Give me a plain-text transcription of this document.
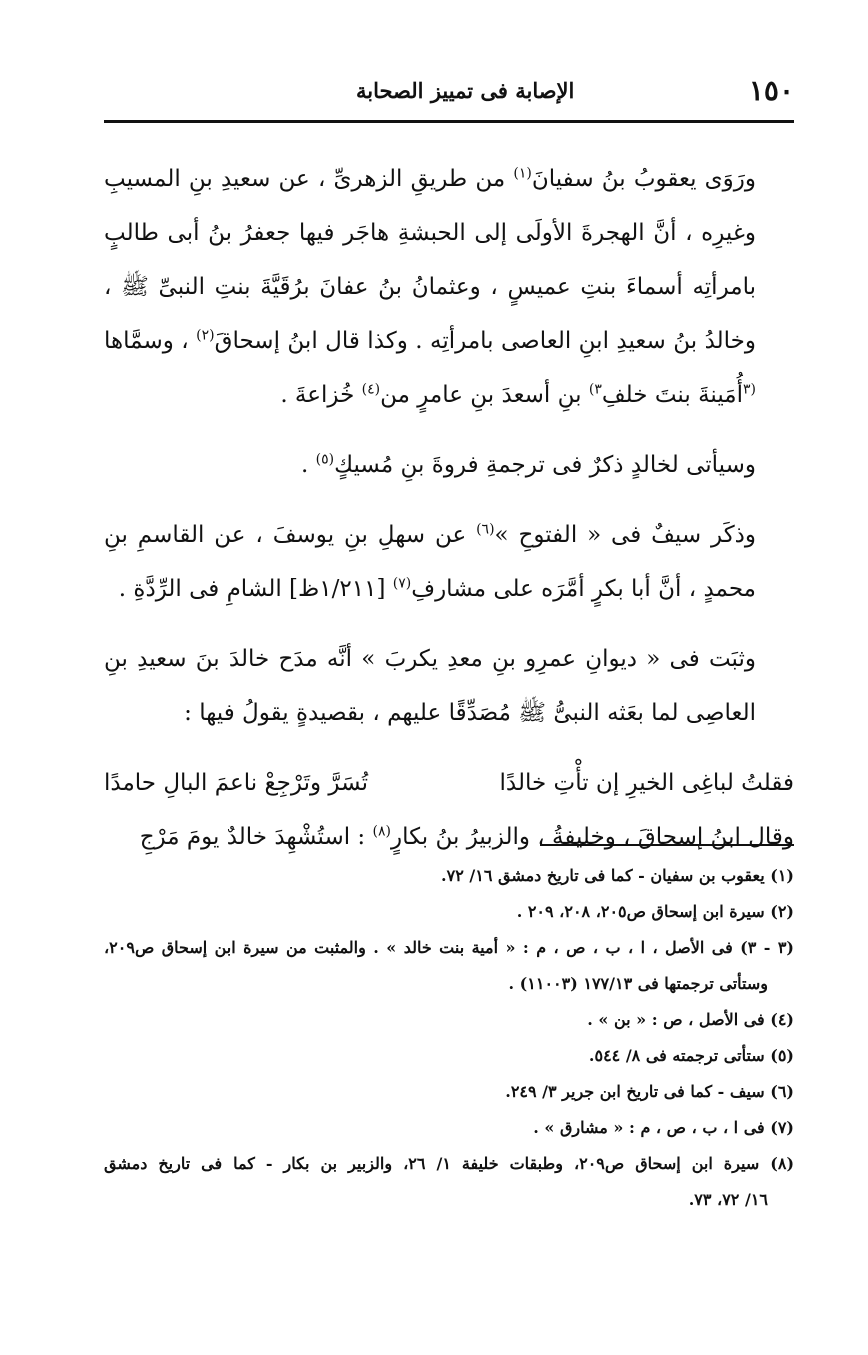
١٥٠
الإصابة فى تمييز الصحابة

ورَوَى يعقوبُ بنُ سفيانَ$^{(١)}$ من طريقِ الزهرىِّ ، عن سعيدِ بنِ المسيبِ وغيرِه ، أنَّ الهجرةَ الأولَى إلى الحبشةِ هاجَر فيها جعفرُ بنُ أبى طالبٍ بامرأتِه أسماءَ بنتِ عميسٍ ، وعثمانُ بنُ عفانَ برُقَيَّةَ بنتِ النبىِّ ﷺ ، وخالدُ بنُ سعيدِ ابنِ العاصى بامرأتِه . وكذا قال ابنُ إسحاقَ$^{(٢)}$ ، وسمَّاها $^{(٣}$أُمَينةَ بنتَ خلفِ$^{٣)}$ بنِ أسعدَ بنِ عامرٍ من$^{(٤)}$ خُزاعةَ .

وسيأتى لخالدٍ ذكرٌ فى ترجمةِ فروةَ بنِ مُسيكٍ$^{(٥)}$ .

وذكَر سيفٌ فى « الفتوحِ »$^{(٦)}$ عن سهلِ بنِ يوسفَ ، عن القاسمِ بنِ محمدٍ ، أنَّ أبا بكرٍ أمَّرَه على مشارفِ$^{(٧)}$ [١/٢١١ظ] الشامِ فى الرِّدَّةِ .

وثبَت فى « ديوانِ عمرِو بنِ معدِ يكربَ » أنَّه مدَح خالدَ بنَ سعيدِ بنِ العاصِى لما بعَثه النبىُّ ﷺ مُصَدِّقًا عليهم ، بقصيدةٍ يقولُ فيها :

فقلتُ لباغِى الخيرِ إن تأْتِ خالدًا
تُسَرَّ وتَرْجِعْ ناعمَ البالِ حامدًا

وقال ابنُ إسحاقَ ، وخليفةُ ، والزبيرُ بنُ بكارٍ$^{(٨)}$ : استُشْهِدَ خالدٌ يومَ مَرْجِ

(١) يعقوب بن سفيان - كما فى تاريخ دمشق ١٦/ ٧٢.

(٢) سيرة ابن إسحاق ص٢٠٥، ٢٠٨، ٢٠٩ .

(٣ - ٣) فى الأصل ، ا ، ب ، ص ، م : « أمية بنت خالد » . والمثبت من سيرة ابن إسحاق ص٢٠٩،

وستأتى ترجمتها فى ١٧٧/١٣ (١١٠٠٣) .

(٤) فى الأصل ، ص : « بن » .

(٥) ستأتى ترجمته فى ٨/ ٥٤٤.

(٦) سيف - كما فى تاريخ ابن جرير ٣/ ٢٤٩.

(٧) فى ا ، ب ، ص ، م : « مشارق » .

(٨) سيرة ابن إسحاق ص٢٠٩، وطبقات خليفة ١/ ٢٦، والزبير بن بكار - كما فى تاريخ دمشق

١٦/ ٧٢، ٧٣.
